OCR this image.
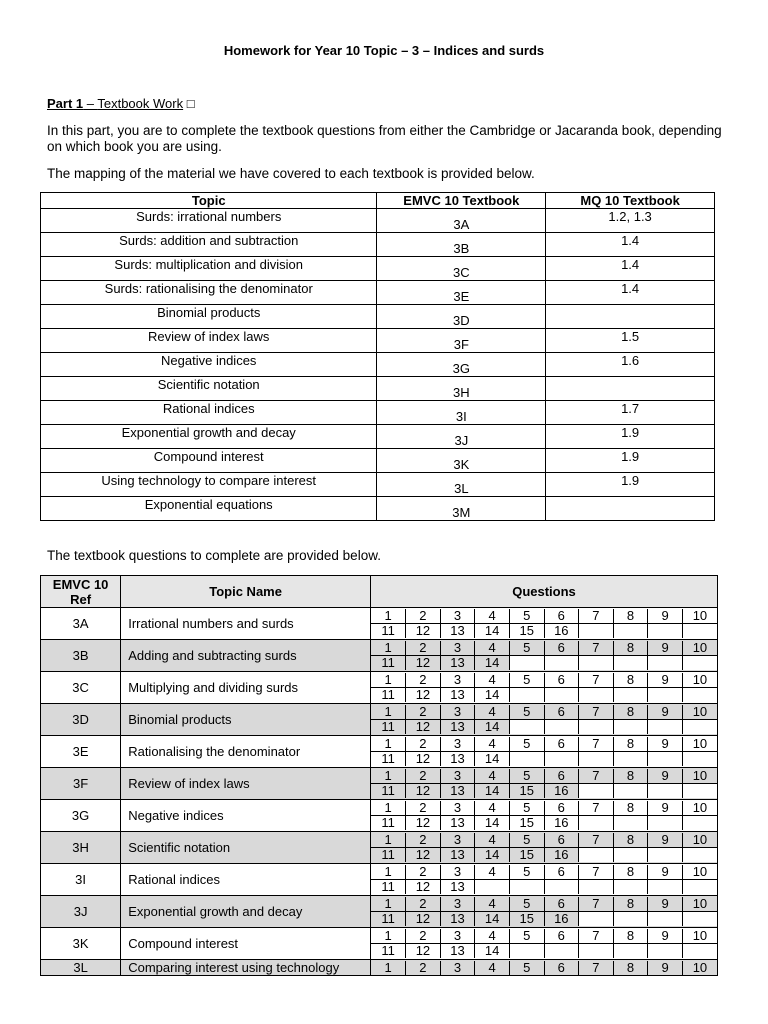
Homework for Year 10 Topic – 3 – Indices and surds
Part 1 – Textbook Work □
In this part, you are to complete the textbook questions from either the Cambridge or Jacaranda book, depending on which book you are using.
The mapping of the material we have covered to each textbook is provided below.
Topic	EMVC 10 Textbook	MQ 10 Textbook
Surds: irrational numbers	3A	1.2, 1.3
Surds: addition and subtraction	3B	1.4
Surds: multiplication and division	3C	1.4
Surds: rationalising the denominator	3E	1.4
Binomial products	3D	
Review of index laws	3F	1.5
Negative indices	3G	1.6
Scientific notation	3H	
Rational indices	3I	1.7
Exponential growth and decay	3J	1.9
Compound interest	3K	1.9
Using technology to compare interest	3L	1.9
Exponential equations	3M	
The textbook questions to complete are provided below.
EMVC 10 Ref	Topic Name	Questions
3A	Irrational numbers and surds	
1	2	3	4	5	6	7	8	9	10
11	12	13	14	15	16				

3B	Adding and subtracting surds	
1	2	3	4	5	6	7	8	9	10
11	12	13	14						

3C	Multiplying and dividing surds	
1	2	3	4	5	6	7	8	9	10
11	12	13	14						

3D	Binomial products	
1	2	3	4	5	6	7	8	9	10
11	12	13	14						

3E	Rationalising the denominator	
1	2	3	4	5	6	7	8	9	10
11	12	13	14						

3F	Review of index laws	
1	2	3	4	5	6	7	8	9	10
11	12	13	14	15	16				

3G	Negative indices	
1	2	3	4	5	6	7	8	9	10
11	12	13	14	15	16				

3H	Scientific notation	
1	2	3	4	5	6	7	8	9	10
11	12	13	14	15	16				

3I	Rational indices	
1	2	3	4	5	6	7	8	9	10
11	12	13							

3J	Exponential growth and decay	
1	2	3	4	5	6	7	8	9	10
11	12	13	14	15	16				

3K	Compound interest	
1	2	3	4	5	6	7	8	9	10
11	12	13	14						

3L	Comparing interest using technology		1	2	3	4	5	6	7	8	9	10
